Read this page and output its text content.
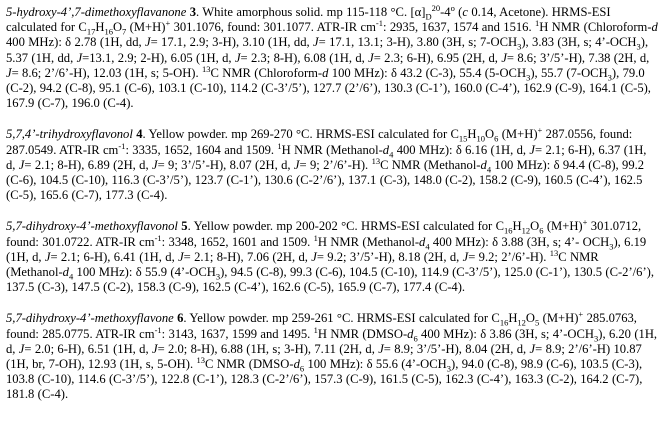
5-hydroxy-4’,7-dimethoxyflavanone 3. White amorphous solid. mp 115-118 °C. $[\alpha]_D^{20}-4^o$ (c 0.14, Acetone). HRMS-ESI calculated for $C_{17}H_{16}O_7$ (M+H)+ 301.1076, found: 301.1077. ATR-IR $cm^{-1}$: 2935, 1637, 1574 and 1516. $^1$H NMR (Chloroform-d 400 MHz): δ 2.78 (1H, dd, J= 17.1, 2.9; 3-H), 3.10 (1H, dd, J= 17.1, 13.1; 3-H), 3.80 (3H, s; $7-OCH_3$), 3.83 (3H, s; $4’-OCH_3$), 5.37 (1H, dd, J=13.1, 2.9; 2-H), 6.05 (1H, d, J= 2.3; 8-H), 6.08 (1H, d, J= 2.3; 6-H), 6.95 (2H, d, J= 8.6; 3’/5’-H), 7.38 (2H, d, J= 8.6; 2’/6’-H), 12.03 (1H, s; 5-OH). $^{13}$C NMR (Chloroform-d 100 MHz): δ 43.2 (C-3), 55.4 $(5-OCH_3)$, 55.7 $(7-OCH_3)$, 79.0 (C-2), 94.2 (C-8), 95.1 (C-6), 103.1 (C-10), 114.2 (C-3’/5’), 127.7 (2’/6’), 130.3 (C-1’), 160.0 (C-4’), 162.9 (C-9), 164.1 (C-5), 167.9 (C-7), 196.0 (C-4).

5,7,4’-trihydroxyflavonol 4. Yellow powder. mp 269-270 °C. HRMS-ESI calculated for $C_{15}H_{10}O_6$ (M+H)+ 287.0556, found: 287.0549. ATR-IR $cm^{-1}$: 3335, 1652, 1604 and 1509. $^1$H NMR ($Methanol-d_4$ 400 MHz): δ 6.16 (1H, d, J= 2.1; 6-H), 6.37 (1H, d, J= 2.1; 8-H), 6.89 (2H, d, J= 9; 3’/5’-H), 8.07 (2H, d, J= 9; 2’/6’-H). $^{13}$C NMR ($Methanol-d_4$ 100 MHz): δ 94.4 (C-8), 99.2 (C-6), 104.5 (C-10), 116.3 (C-3’/5’), 123.7 (C-1’), 130.6 (C-2’/6’), 137.1 (C-3), 148.0 (C-2), 158.2 (C-9), 160.5 (C-4’), 162.5 (C-5), 165.6 (C-7), 177.3 (C-4).

5,7-dihydroxy-4’-methoxyflavonol 5. Yellow powder. mp 200-202 °C. HRMS-ESI calculated for $C_{16}H_{12}O_6$ (M+H)+ 301.0712, found: 301.0722. ATR-IR $cm^{-1}$: 3348, 1652, 1601 and 1509. $^1$H NMR ($Methanol-d_4$ 400 MHz): δ 3.88 (3H, s; 4’- $OCH_3$), 6.19 (1H, d, J= 2.1; 6-H), 6.41 (1H, d, J= 2.1; 8-H), 7.06 (2H, d, J= 9.2; 3’/5’-H), 8.18 (2H, d, J= 9.2; 2’/6’-H). $^{13}$C NMR ($Methanol-d_4$ 100 MHz): δ 55.9 $(4’-OCH_3)$, 94.5 (C-8), 99.3 (C-6), 104.5 (C-10), 114.9 (C-3’/5’), 125.0 (C-1’), 130.5 (C-2’/6’), 137.5 (C-3), 147.5 (C-2), 158.3 (C-9), 162.5 (C-4’), 162.6 (C-5), 165.9 (C-7), 177.4 (C-4).

5,7-dihydroxy-4’-methoxyflavone 6. Yellow powder. mp 259-261 °C. HRMS-ESI calculated for $C_{16}H_{12}O_5$ (M+H)+ 285.0763, found: 285.0775. ATR-IR $cm^{-1}$: 3143, 1637, 1599 and 1495. $^1$H NMR ($DMSO-d_6$ 400 MHz): δ 3.86 (3H, s; $4’-OCH_3$), 6.20 (1H, d, J= 2.0; 6-H), 6.51 (1H, d, J= 2.0; 8-H), 6.88 (1H, s; 3-H), 7.11 (2H, d, J= 8.9; 3’/5’-H), 8.04 (2H, d, J= 8.9; 2’/6’-H) 10.87 (1H, br, 7-OH), 12.93 (1H, s, 5-OH). $^{13}$C NMR ($DMSO-d_6$ 100 MHz): δ 55.6 $(4’-OCH_3)$, 94.0 (C-8), 98.9 (C-6), 103.5 (C-3), 103.8 (C-10), 114.6 (C-3’/5’), 122.8 (C-1’), 128.3 (C-2’/6’), 157.3 (C-9), 161.5 (C-5), 162.3 (C-4’), 163.3 (C-2), 164.2 (C-7), 181.8 (C-4).
